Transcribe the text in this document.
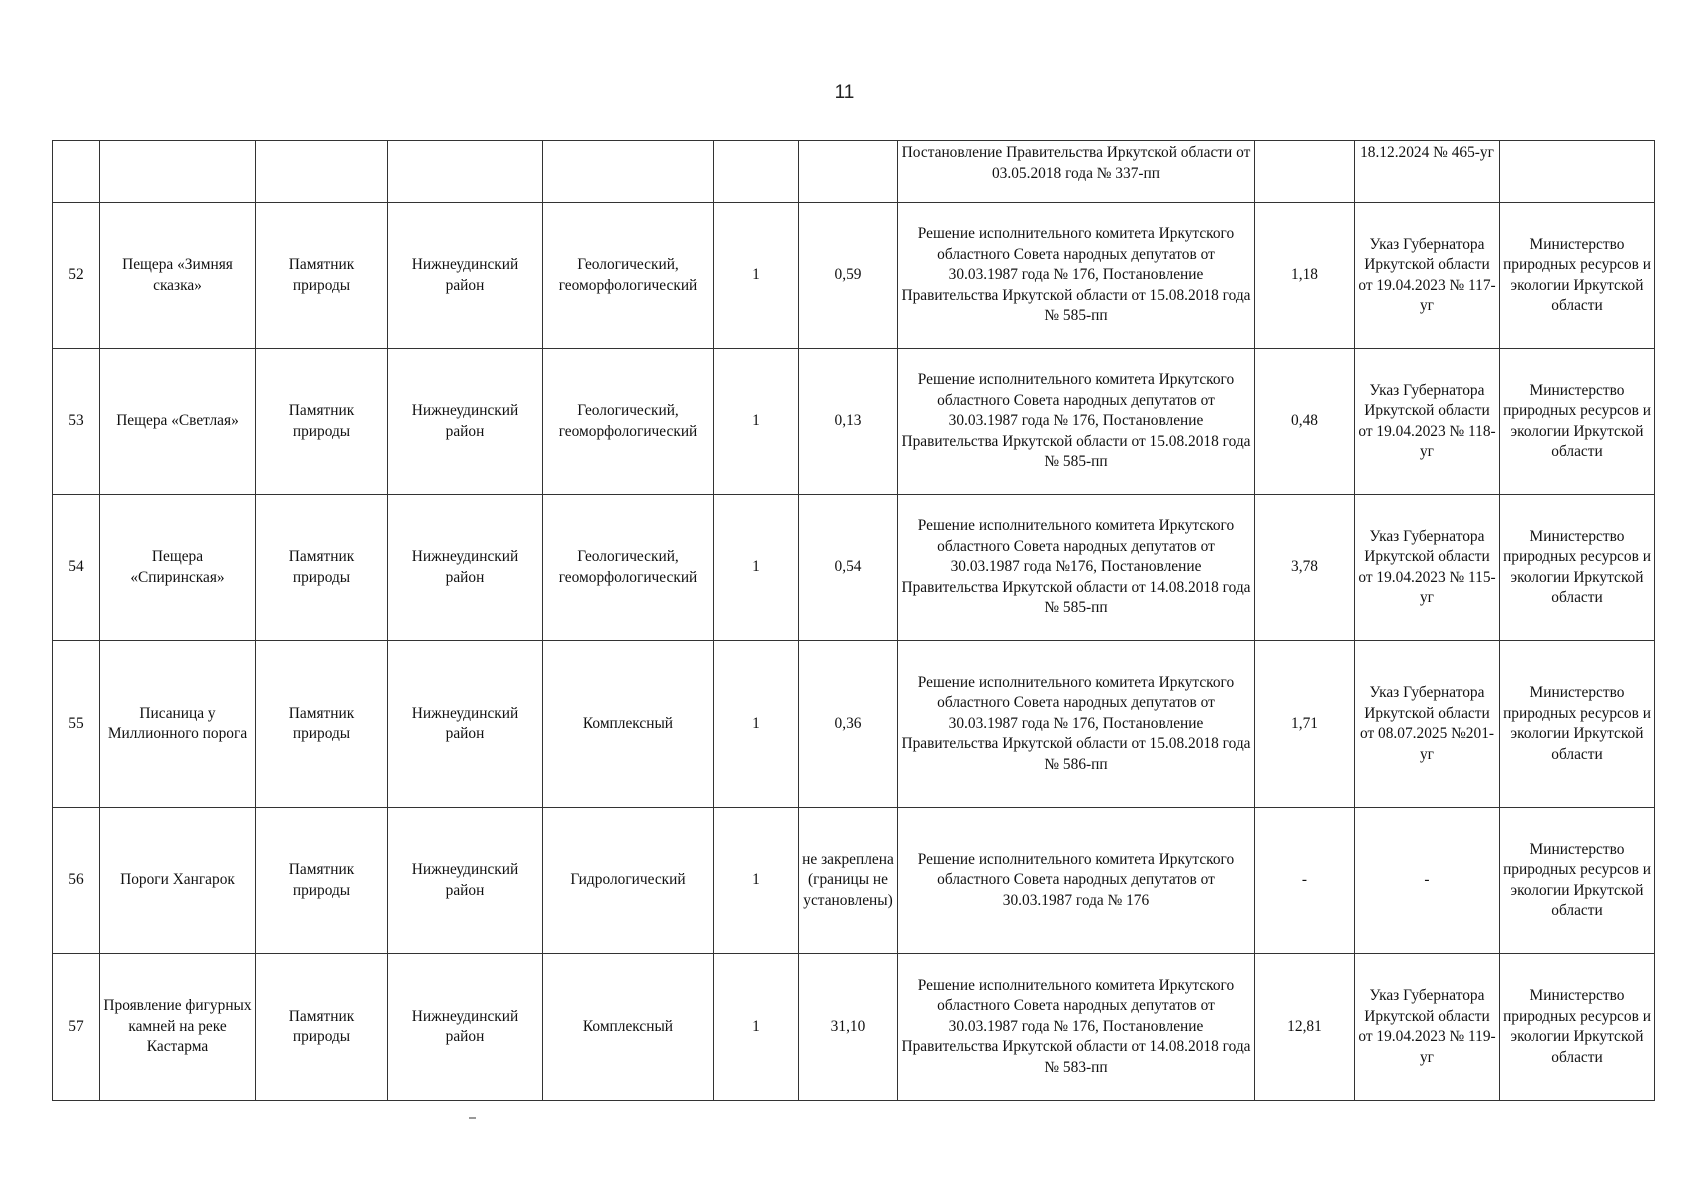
11
							Постановление Правительства Иркутской области от 03.05.2018 года № 337-пп		18.12.2024 № 465-уг	
52	Пещера «Зимняя сказка»	Памятник природы	Нижнеудинский район	Геологический, геоморфологический	1	0,59	Решение исполнительного комитета Иркутского областного Совета народных депутатов от 30.03.1987 года № 176, Постановление Правительства Иркутской области от 15.08.2018 года № 585-пп	1,18	Указ Губернатора Иркутской области от 19.04.2023 № 117-уг	Министерство природных ресурсов и экологии Иркутской области
53	Пещера «Светлая»	Памятник природы	Нижнеудинский район	Геологический, геоморфологический	1	0,13	Решение исполнительного комитета Иркутского областного Совета народных депутатов от 30.03.1987 года № 176, Постановление Правительства Иркутской области от 15.08.2018 года № 585-пп	0,48	Указ Губернатора Иркутской области от 19.04.2023 № 118-уг	Министерство природных ресурсов и экологии Иркутской области
54	Пещера «Спиринская»	Памятник природы	Нижнеудинский район	Геологический, геоморфологический	1	0,54	Решение исполнительного комитета Иркутского областного Совета народных депутатов от 30.03.1987 года №176, Постановление Правительства Иркутской области от 14.08.2018 года № 585-пп	3,78	Указ Губернатора Иркутской области от 19.04.2023 № 115-уг	Министерство природных ресурсов и экологии Иркутской области
55	Писаница у Миллионного порога	Памятник природы	Нижнеудинский район	Комплексный	1	0,36	Решение исполнительного комитета Иркутского областного Совета народных депутатов от 30.03.1987 года № 176, Постановление Правительства Иркутской области от 15.08.2018 года № 586-пп	1,71	Указ Губернатора Иркутской области от 08.07.2025 №201-уг	Министерство природных ресурсов и экологии Иркутской области
56	Пороги Хангарок	Памятник природы	Нижнеудинский район	Гидрологический	1	не закреплена (границы не установлены)	Решение исполнительного комитета Иркутского областного Совета народных депутатов от 30.03.1987 года № 176	-	-	Министерство природных ресурсов и экологии Иркутской области
57	Проявление фигурных камней на реке Кастарма	Памятник природы	Нижнеудинский район	Комплексный	1	31,10	Решение исполнительного комитета Иркутского областного Совета народных депутатов от 30.03.1987 года № 176, Постановление Правительства Иркутской области от 14.08.2018 года № 583-пп	12,81	Указ Губернатора Иркутской области от 19.04.2023 № 119-уг	Министерство природных ресурсов и экологии Иркутской области
